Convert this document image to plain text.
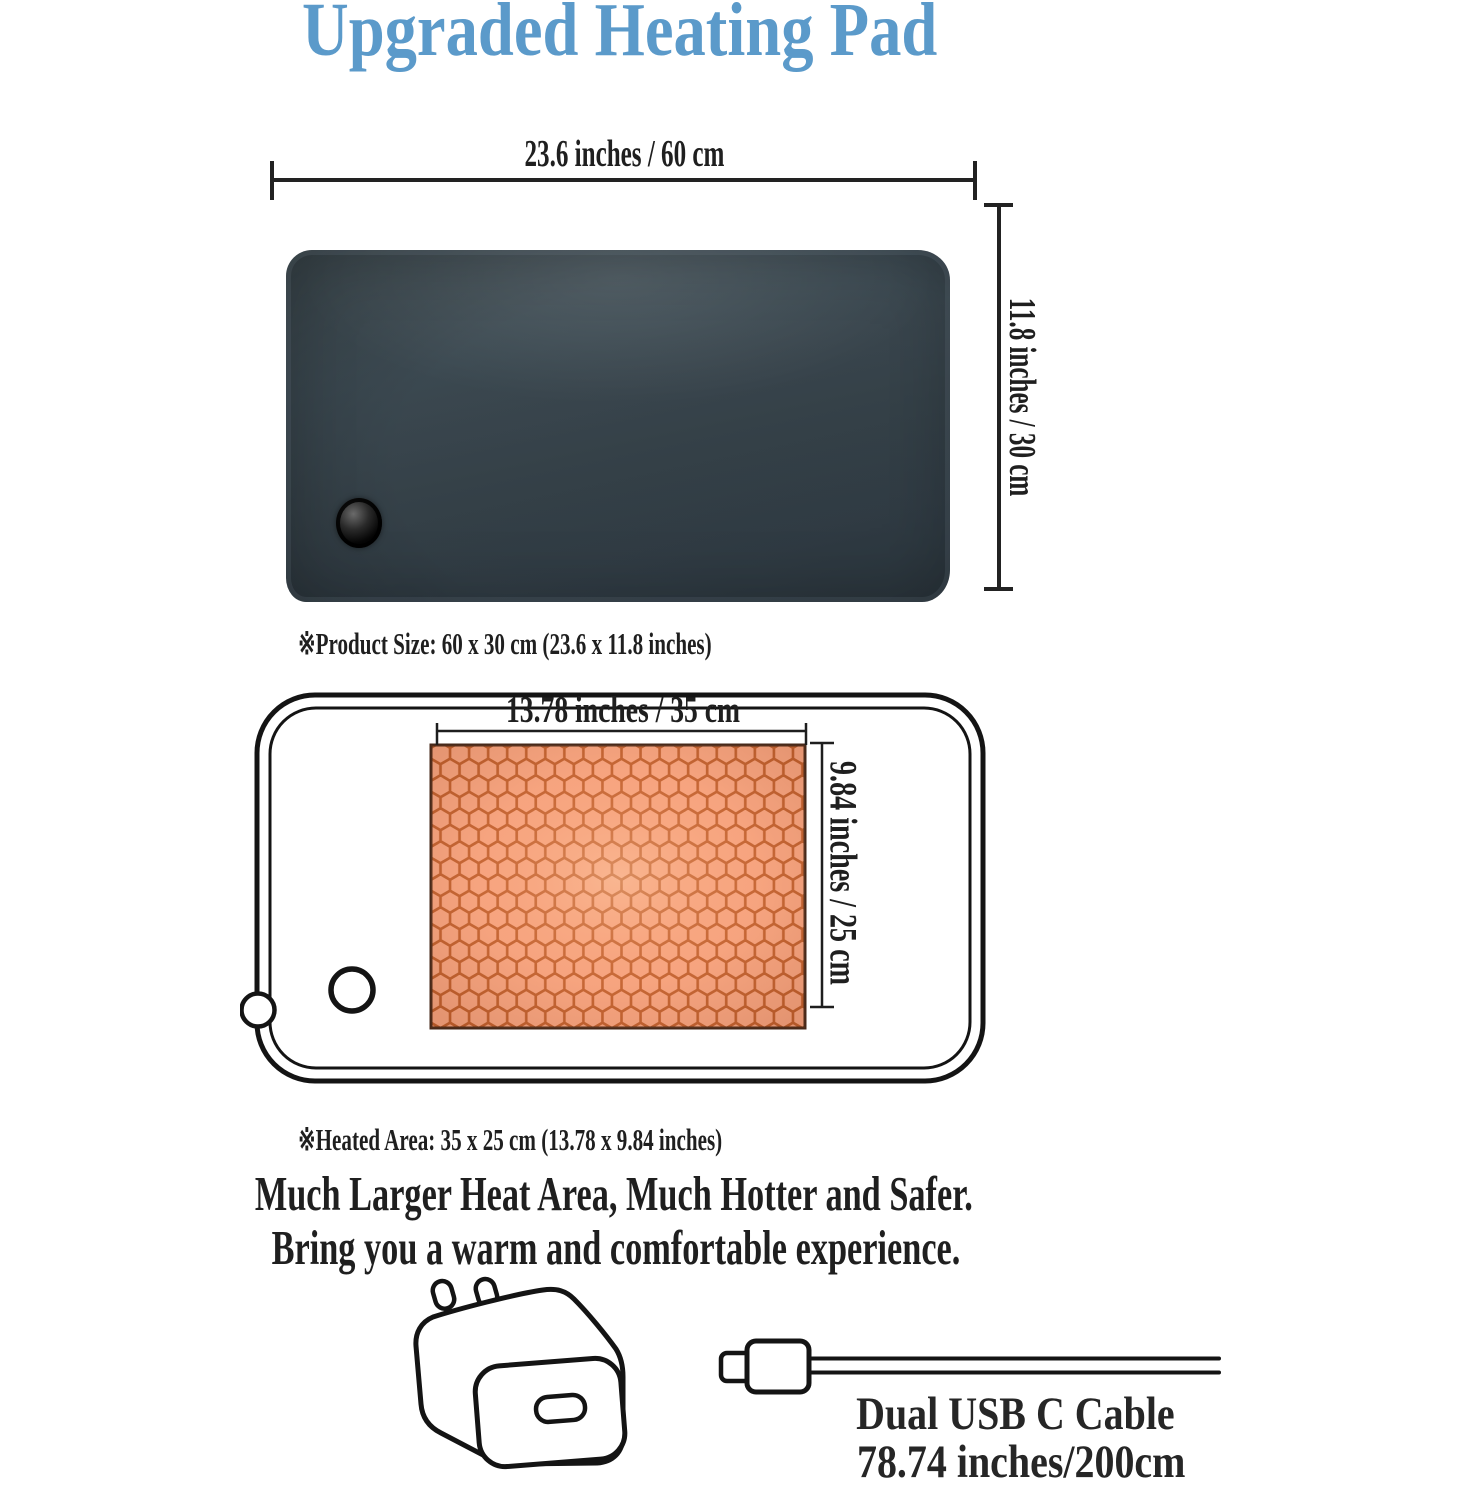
Upgraded Heating Pad
23.6 inches / 60 cm
11.8 inches / 30 cm
※Product Size: 60 x 30 cm (23.6 x 11.8 inches)
13.78 inches / 35 cm
9.84 inches / 25 cm
※Heated Area: 35 x 25 cm (13.78 x 9.84 inches)
Much Larger Heat Area, Much Hotter and Safer.
Bring you a warm and comfortable experience.
Dual USB C Cable
78.74 inches/200cm
